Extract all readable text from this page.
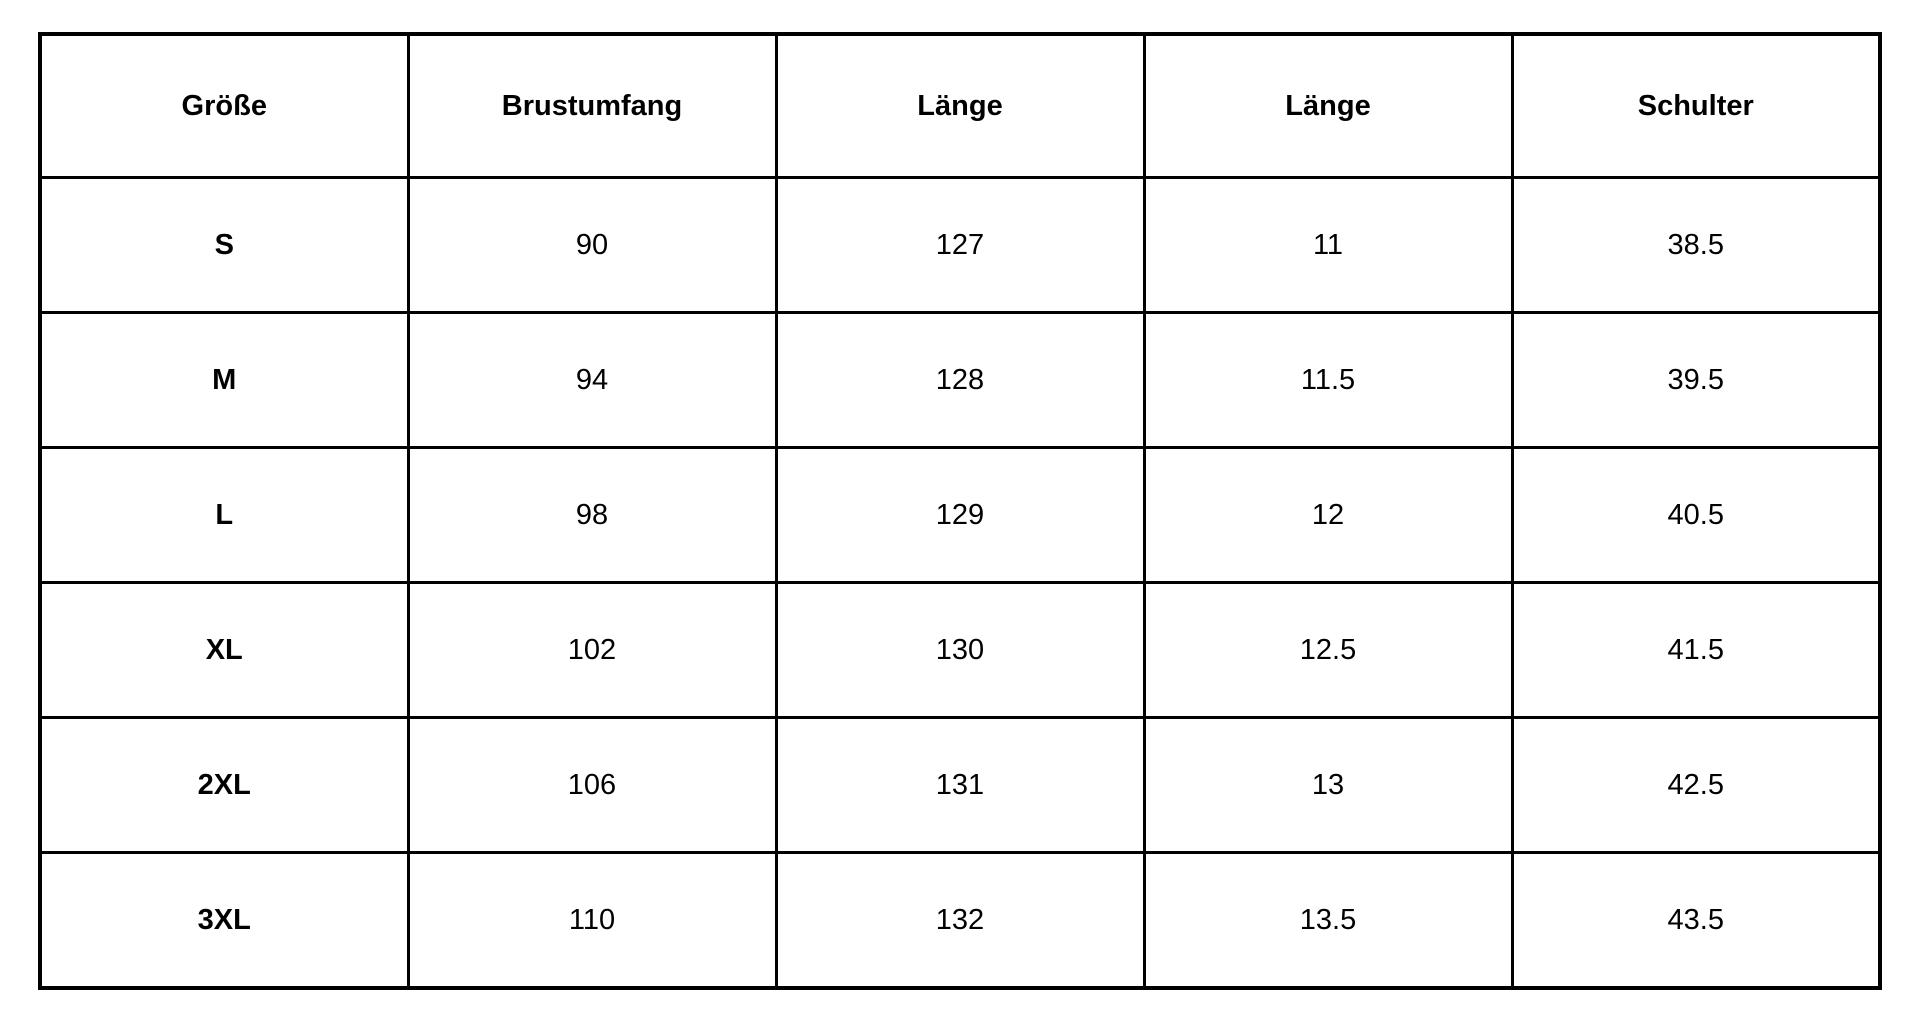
Größe	Brustumfang	Länge	Länge	Schulter
S	90	127	11	38.5
M	94	128	11.5	39.5
L	98	129	12	40.5
XL	102	130	12.5	41.5
2XL	106	131	13	42.5
3XL	110	132	13.5	43.5
